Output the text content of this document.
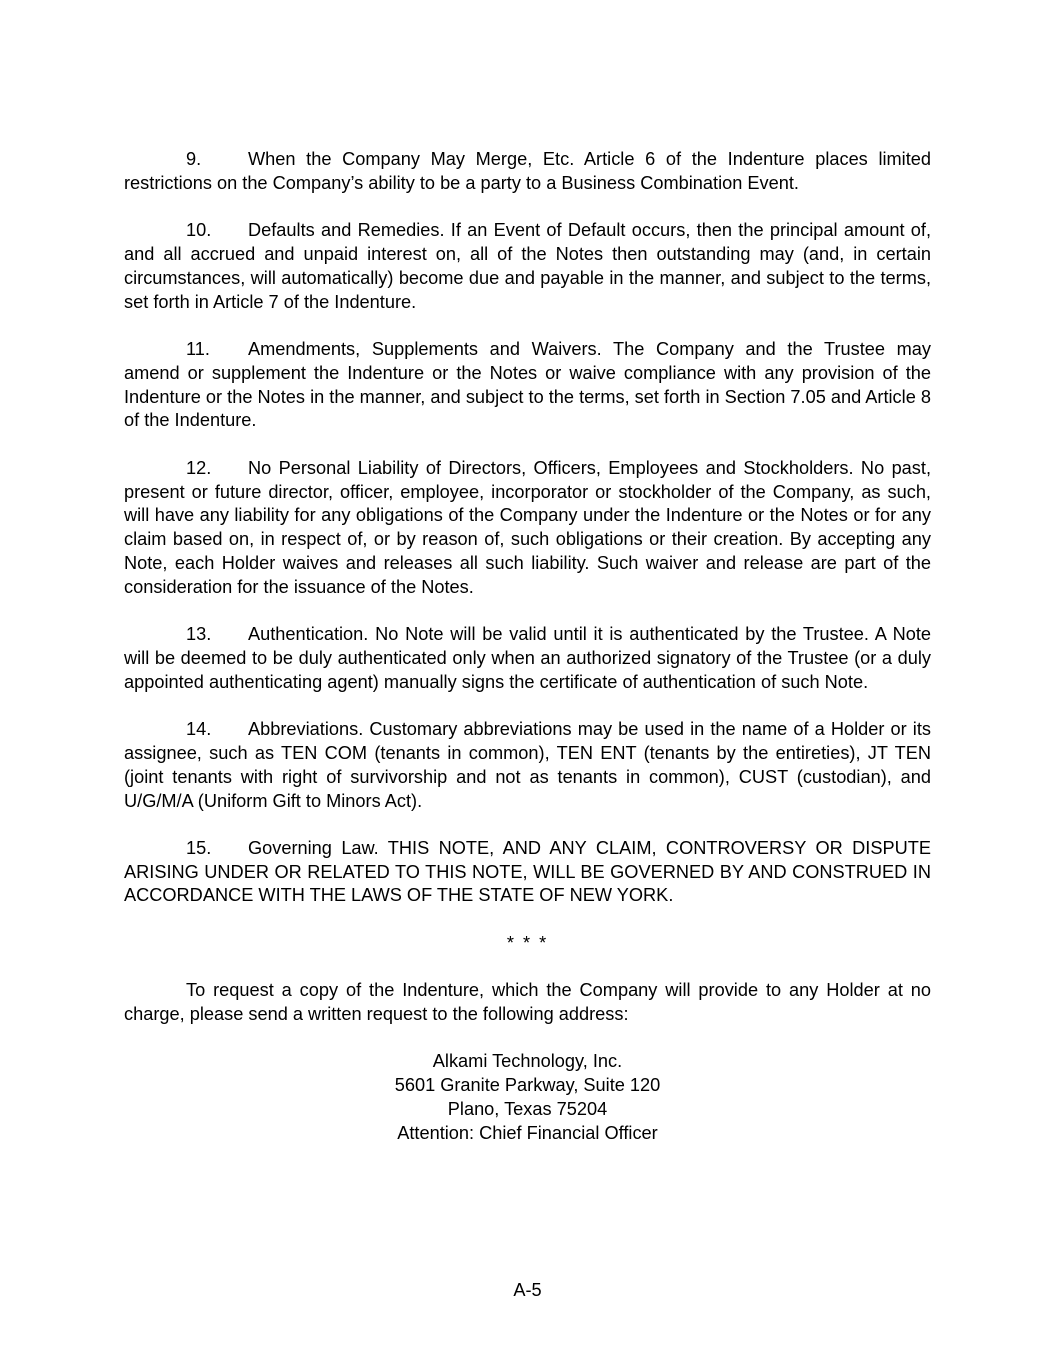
9.	When the Company May Merge, Etc. Article 6 of the Indenture places limited restrictions on the Company’s ability to be a party to a Business Combination Event.

10. Defaults and Remedies. If an Event of Default occurs, then the principal amount of, and all accrued and unpaid interest on, all of the Notes then outstanding may (and, in certain circumstances, will automatically) become due and payable in the manner, and subject to the terms, set forth in Article 7 of the Indenture.

11. Amendments, Supplements and Waivers. The Company and the Trustee may amend or supplement the Indenture or the Notes or waive compliance with any provision of the Indenture or the Notes in the manner, and subject to the terms, set forth in Section 7.05 and Article 8 of the Indenture.

12. No Personal Liability of Directors, Officers, Employees and Stockholders. No past, present or future director, officer, employee, incorporator or stockholder of the Company, as such, will have any liability for any obligations of the Company under the Indenture or the Notes or for any claim based on, in respect of, or by reason of, such obligations or their creation. By accepting any Note, each Holder waives and releases all such liability. Such waiver and release are part of the consideration for the issuance of the Notes.

13. Authentication. No Note will be valid until it is authenticated by the Trustee. A Note will be deemed to be duly authenticated only when an authorized signatory of the Trustee (or a duly appointed authenticating agent) manually signs the certificate of authentication of such Note.

14. Abbreviations. Customary abbreviations may be used in the name of a Holder or its assignee, such as TEN COM (tenants in common), TEN ENT (tenants by the entireties), JT TEN (joint tenants with right of survivorship and not as tenants in common), CUST (custodian), and U/G/M/A (Uniform Gift to Minors Act).

15. Governing Law. THIS NOTE, AND ANY CLAIM, CONTROVERSY OR DISPUTE ARISING UNDER OR RELATED TO THIS NOTE, WILL BE GOVERNED BY AND CONSTRUED IN ACCORDANCE WITH THE LAWS OF THE STATE OF NEW YORK.

* * *

To request a copy of the Indenture, which the Company will provide to any Holder at no charge, please send a written request to the following address:

Alkami Technology, Inc.
5601 Granite Parkway, Suite 120
Plano, Texas 75204
Attention: Chief Financial Officer
A-5
